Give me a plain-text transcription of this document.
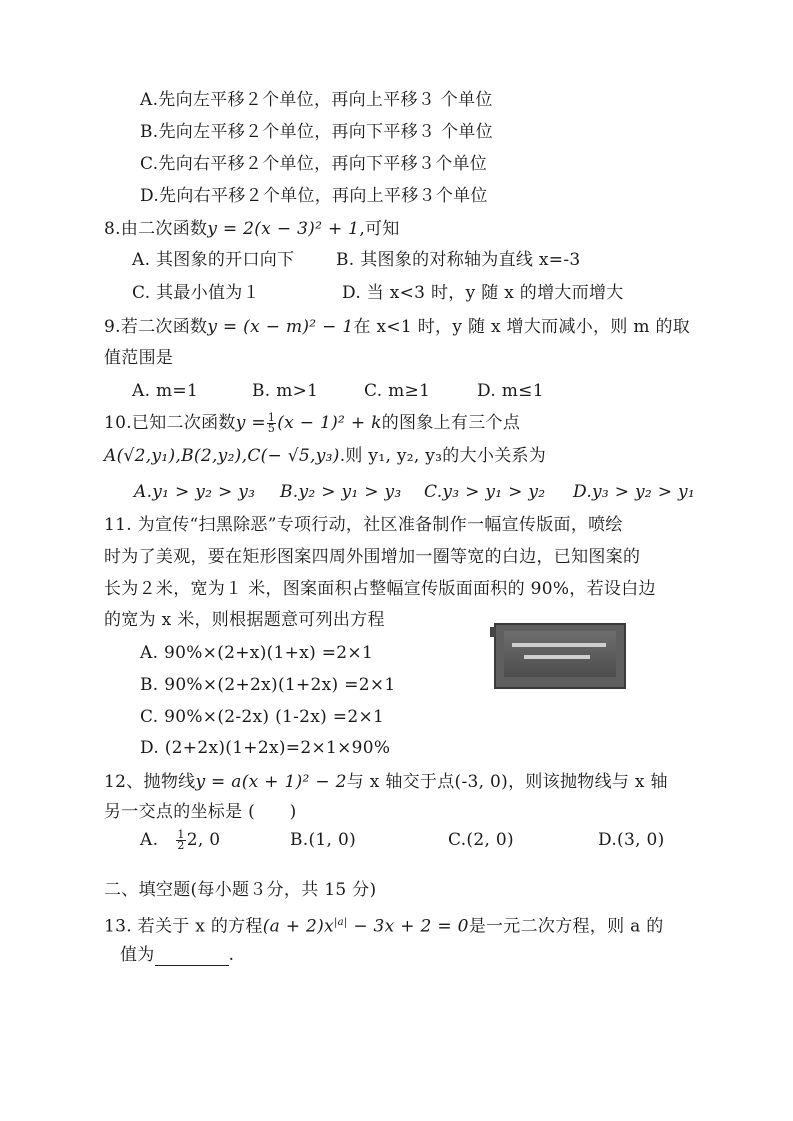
A.先向左平移２个单位，再向上平移３ 个单位
B.先向左平移２个单位，再向下平移３ 个单位
C.先向右平移２个单位，再向下平移３个单位
D.先向右平移２个单位，再向上平移３个单位
8.由二次函数y = 2(x − 3)² + 1,可知
A. 其图象的开口向下 B. 其图象的对称轴为直线 x=-3
C. 其最小值为１	D. 当 x<3 时，y 随 x 的增大而增大
9.若二次函数y = (x − m)² − 1在 x<1 时，y 随 x 增大而减小，则 m 的取
值范围是
A. m=1	B. m>1	C. m≥1	D. m≤1
10.已知二次函数$y = \frac{1}{5} (x - 1)^2 + k$的图象上有三个点
A(√2,y₁),B(2,y₂),C(− √5,y₃).则 y₁, y₂, y₃的大小关系为
A.y₁ > y₂ > y₃ B.y₂ > y₁ > y₃ C.y₃ > y₁ > y₂ D.y₃ > y₂ > y₁
11. 为宣传“扫黑除恶”专项行动，社区准备制作一幅宣传版面，喷绘
时为了美观，要在矩形图案四周外围增加一圈等宽的白边，已知图案的
长为２米，宽为１ 米，图案面积占整幅宣传版面面积的 90%，若设白边
的宽为 x 米，则根据题意可列出方程
A. 90%×(2+x)(1+x) =2×1
B. 90%×(2+2x)(1+2x) =2×1
C. 90%×(2-2x) (1-2x) =2×1
D. (2+2x)(1+2x)=2×1×90%
12、抛物线y = a(x + 1)² − 2与 x 轴交于点(-3, 0)，则该抛物线与 x 轴
另一交点的坐标是 (　　)
A. $\frac{1}{2} 2$, 0	B.(1, 0)	C.(2, 0)	D.(3, 0)
二、填空题(每小题３分，共 15 分)
13. 若关于 x 的方程$(a + 2)x^{|a|} - 3x + 2 = 0$是一元二次方程，则 a 的
值为	.
